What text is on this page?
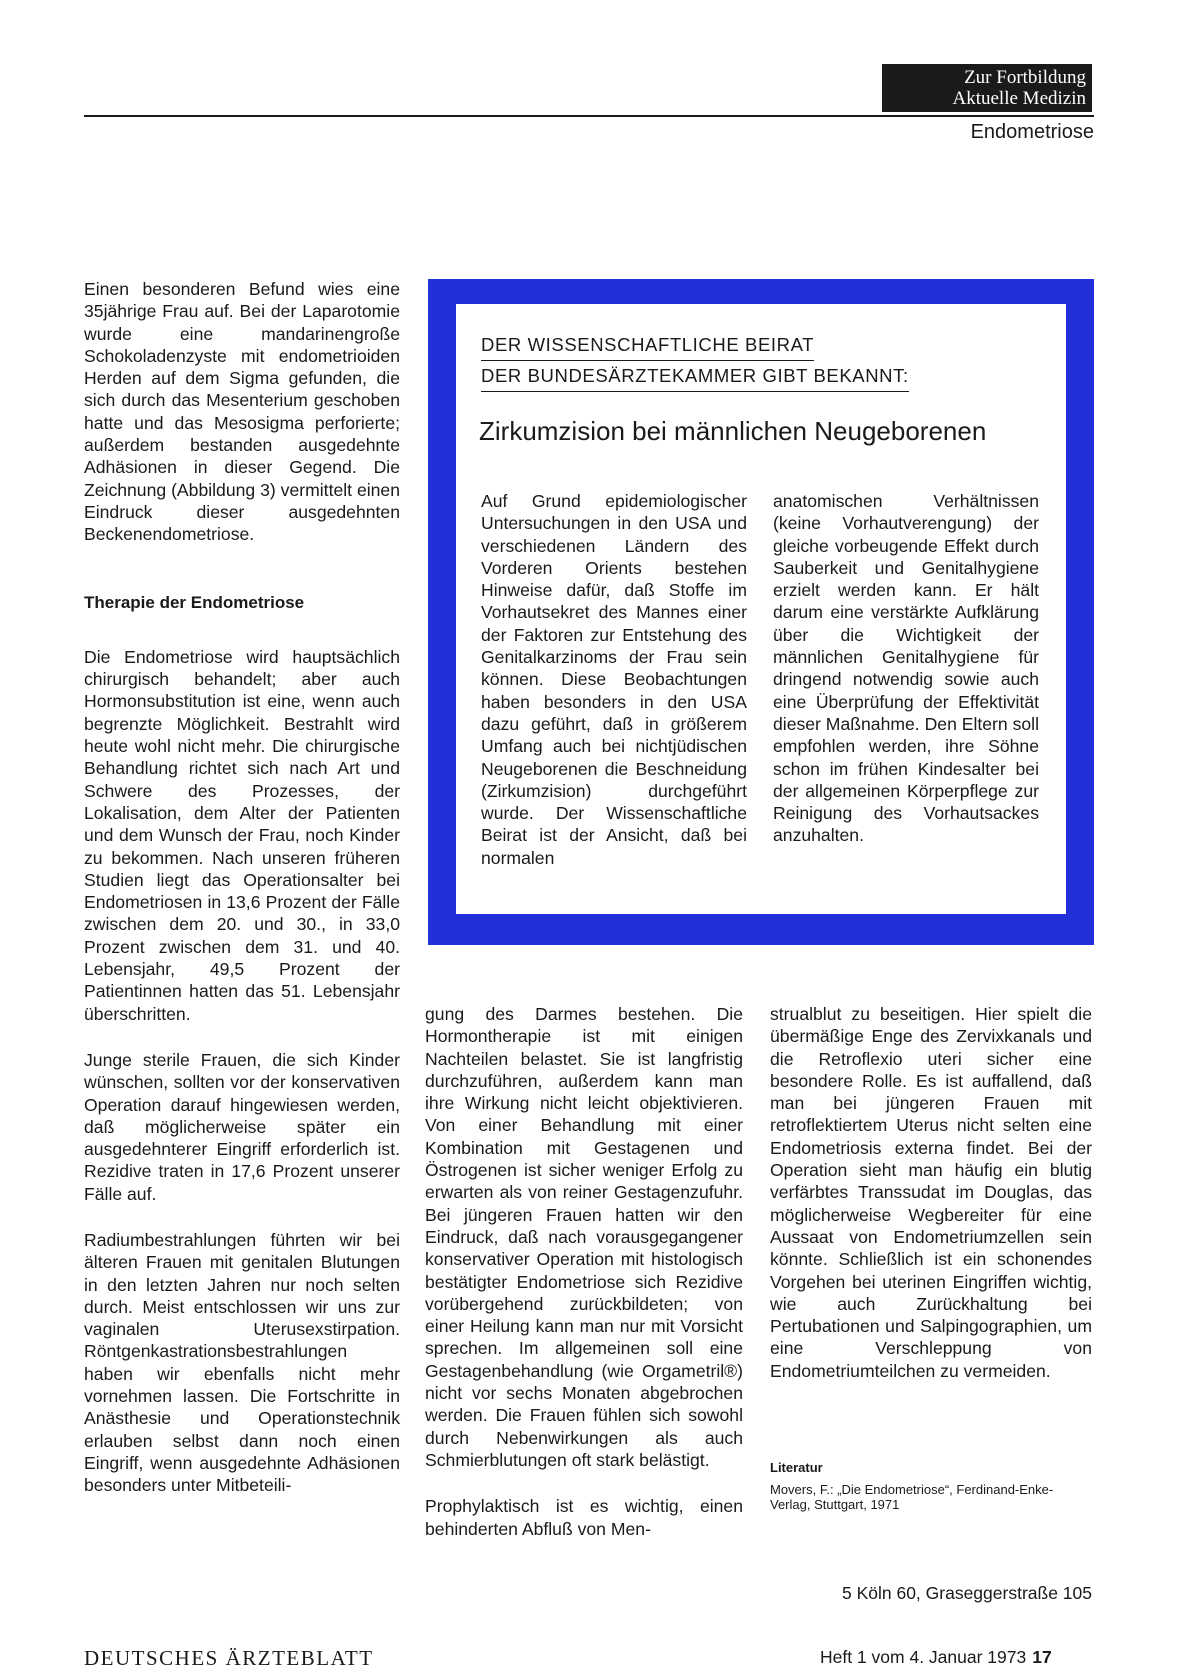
Zur Fortbildung
Aktuelle Medizin
Endometriose

Einen besonderen Befund wies eine 35jährige Frau auf. Bei der Laparotomie wurde eine mandarinengroße Schokoladenzyste mit endometrioiden Herden auf dem Sigma gefunden, die sich durch das Mesenterium geschoben hatte und das Mesosigma perforierte; außerdem bestanden ausgedehnte Adhäsionen in dieser Gegend. Die Zeichnung (Abbildung 3) vermittelt einen Eindruck dieser ausgedehnten Beckenendometriose.

Therapie der Endometriose

Die Endometriose wird hauptsächlich chirurgisch behandelt; aber auch Hormonsubstitution ist eine, wenn auch begrenzte Möglichkeit. Bestrahlt wird heute wohl nicht mehr. Die chirurgische Behandlung richtet sich nach Art und Schwere des Prozesses, der Lokalisation, dem Alter der Patienten und dem Wunsch der Frau, noch Kinder zu bekommen. Nach unseren früheren Studien liegt das Operationsalter bei Endometriosen in 13,6 Prozent der Fälle zwischen dem 20. und 30., in 33,0 Prozent zwischen dem 31. und 40. Lebensjahr, 49,5 Prozent der Patientinnen hatten das 51. Lebensjahr überschritten.

Junge sterile Frauen, die sich Kinder wünschen, sollten vor der konservativen Operation darauf hingewiesen werden, daß möglicherweise später ein ausgedehnterer Eingriff erforderlich ist. Rezidive traten in 17,6 Prozent unserer Fälle auf.

Radiumbestrahlungen führten wir bei älteren Frauen mit genitalen Blutungen in den letzten Jahren nur noch selten durch. Meist entschlossen wir uns zur vaginalen Uterusexstirpation. Röntgenkastrationsbestrahlungen haben wir ebenfalls nicht mehr vornehmen lassen. Die Fortschritte in Anästhesie und Operationstechnik erlauben selbst dann noch einen Eingriff, wenn ausgedehnte Adhäsionen besonders unter Mitbeteili-

DER WISSENSCHAFTLICHE BEIRAT
DER BUNDESÄRZTEKAMMER GIBT BEKANNT:
Zirkumzision bei männlichen Neugeborenen

Auf Grund epidemiologischer Untersuchungen in den USA und verschiedenen Ländern des Vorderen Orients bestehen Hinweise dafür, daß Stoffe im Vorhautsekret des Mannes einer der Faktoren zur Entstehung des Genitalkarzinoms der Frau sein können. Diese Beobachtungen haben besonders in den USA dazu geführt, daß in größerem Umfang auch bei nichtjüdischen Neugeborenen die Beschneidung (Zirkumzision) durchgeführt wurde. Der Wissenschaftliche Beirat ist der Ansicht, daß bei normalen

anatomischen Verhältnissen (keine Vorhautverengung) der gleiche vorbeugende Effekt durch Sauberkeit und Genitalhygiene erzielt werden kann. Er hält darum eine verstärkte Aufklärung über die Wichtigkeit der männlichen Genitalhygiene für dringend notwendig sowie auch eine Überprüfung der Effektivität dieser Maßnahme. Den Eltern soll empfohlen werden, ihre Söhne schon im frühen Kindesalter bei der allgemeinen Körperpflege zur Reinigung des Vorhautsackes anzuhalten.

gung des Darmes bestehen. Die Hormontherapie ist mit einigen Nachteilen belastet. Sie ist langfristig durchzuführen, außerdem kann man ihre Wirkung nicht leicht objektivieren. Von einer Behandlung mit einer Kombination mit Gestagenen und Östrogenen ist sicher weniger Erfolg zu erwarten als von reiner Gestagenzufuhr. Bei jüngeren Frauen hatten wir den Eindruck, daß nach vorausgegangener konservativer Operation mit histologisch bestätigter Endometriose sich Rezidive vorübergehend zurückbildeten; von einer Heilung kann man nur mit Vorsicht sprechen. Im allgemeinen soll eine Gestagenbehandlung (wie Orgametril®) nicht vor sechs Monaten abgebrochen werden. Die Frauen fühlen sich sowohl durch Nebenwirkungen als auch Schmierblutungen oft stark belästigt.

Prophylaktisch ist es wichtig, einen behinderten Abfluß von Men-

strualblut zu beseitigen. Hier spielt die übermäßige Enge des Zervixkanals und die Retroflexio uteri sicher eine besondere Rolle. Es ist auffallend, daß man bei jüngeren Frauen mit retroflektiertem Uterus nicht selten eine Endometriosis externa findet. Bei der Operation sieht man häufig ein blutig verfärbtes Transsudat im Douglas, das möglicherweise Wegbereiter für eine Aussaat von Endometriumzellen sein könnte. Schließlich ist ein schonendes Vorgehen bei uterinen Eingriffen wichtig, wie auch Zurückhaltung bei Pertubationen und Salpingographien, um eine Verschleppung von Endometriumteilchen zu vermeiden.

Literatur
Movers, F.: „Die Endometriose“, Ferdinand-Enke-Verlag, Stuttgart, 1971
5 Köln 60, Graseggerstraße 105
DEUTSCHES ÄRZTEBLATT	Heft 1 vom 4. Januar 1973 17
